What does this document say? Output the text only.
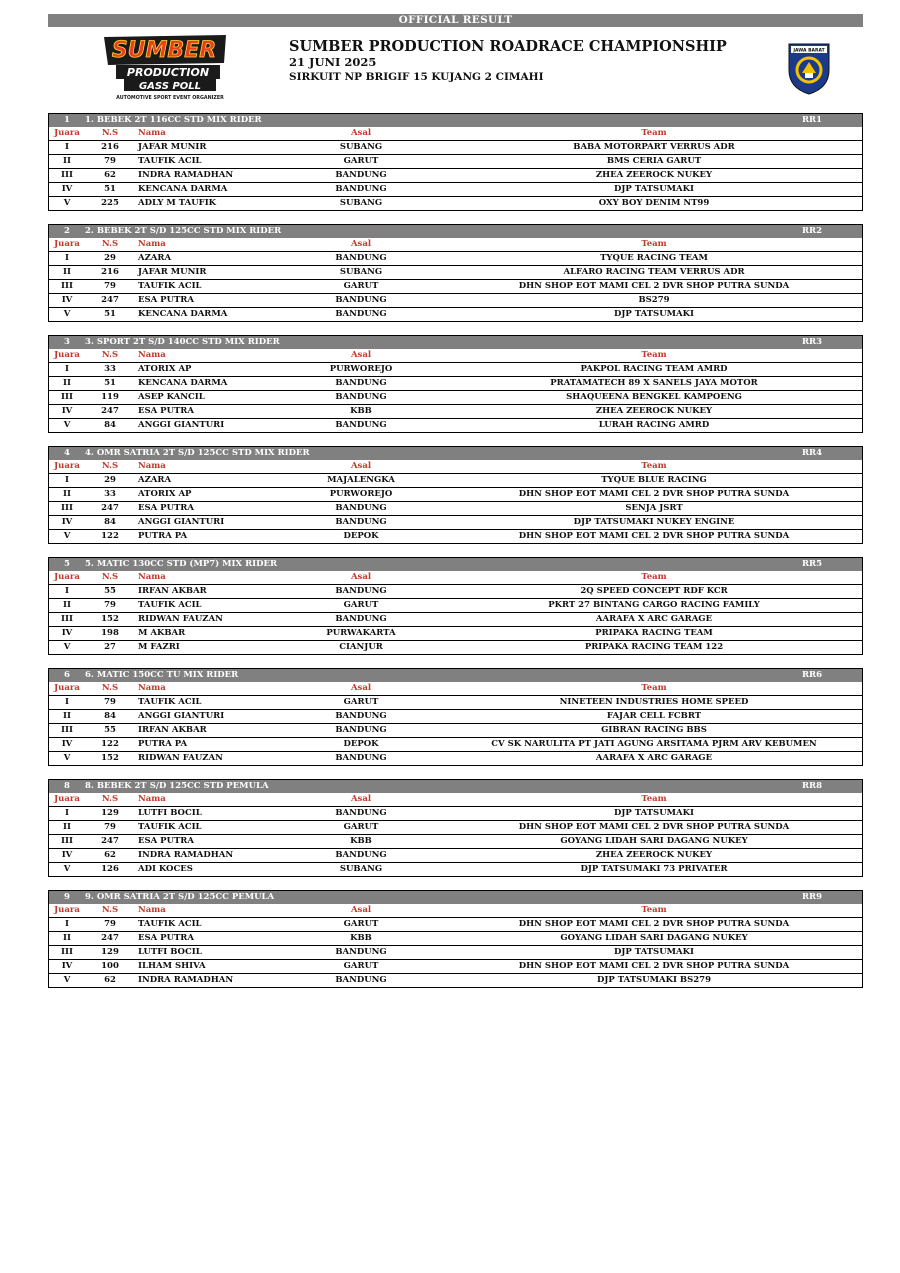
OFFICIAL RESULT
SUMBER
PRODUCTION
GASS POLL
AUTOMOTIVE SPORT EVENT ORGANIZER
SUMBER PRODUCTION ROADRACE CHAMPIONSHIP
21 JUNI 2025
SIRKUIT NP BRIGIF 15 KUJANG 2 CIMAHI
JAWA BARAT
1 1. BEBEK 2T 116CC STD MIX RIDER	RR1
Juara	N.S	Nama	Asal	Team
I	216	JAFAR MUNIR	SUBANG	BABA MOTORPART VERRUS ADR
II	79	TAUFIK ACIL	GARUT	BMS CERIA GARUT
III	62	INDRA RAMADHAN	BANDUNG	ZHEA ZEEROCK NUKEY
IV	51	KENCANA DARMA	BANDUNG	DJP TATSUMAKI
V	225	ADLY M TAUFIK	SUBANG	OXY BOY DENIM NT99
2 2. BEBEK 2T S/D 125CC STD MIX RIDER	RR2
Juara	N.S	Nama	Asal	Team
I	29	AZARA	BANDUNG	TYQUE RACING TEAM
II	216	JAFAR MUNIR	SUBANG	ALFARO RACING TEAM VERRUS ADR
III	79	TAUFIK ACIL	GARUT	DHN SHOP EOT MAMI CEL 2 DVR SHOP PUTRA SUNDA
IV	247	ESA PUTRA	BANDUNG	BS279
V	51	KENCANA DARMA	BANDUNG	DJP TATSUMAKI
3 3. SPORT 2T S/D 140CC STD MIX RIDER	RR3
Juara	N.S	Nama	Asal	Team
I	33	ATORIX AP	PURWOREJO	PAKPOL RACING TEAM AMRD
II	51	KENCANA DARMA	BANDUNG	PRATAMATECH 89 X SANELS JAYA MOTOR
III	119	ASEP KANCIL	BANDUNG	SHAQUEENA BENGKEL KAMPOENG
IV	247	ESA PUTRA	KBB	ZHEA ZEEROCK NUKEY
V	84	ANGGI GIANTURI	BANDUNG	LURAH RACING AMRD
4 4. OMR SATRIA 2T S/D 125CC STD MIX RIDER	RR4
Juara	N.S	Nama	Asal	Team
I	29	AZARA	MAJALENGKA	TYQUE BLUE RACING
II	33	ATORIX AP	PURWOREJO	DHN SHOP EOT MAMI CEL 2 DVR SHOP PUTRA SUNDA
III	247	ESA PUTRA	BANDUNG	SENJA JSRT
IV	84	ANGGI GIANTURI	BANDUNG	DJP TATSUMAKI NUKEY ENGINE
V	122	PUTRA PA	DEPOK	DHN SHOP EOT MAMI CEL 2 DVR SHOP PUTRA SUNDA
5 5. MATIC 130CC STD (MP7) MIX RIDER	RR5
Juara	N.S	Nama	Asal	Team
I	55	IRFAN AKBAR	BANDUNG	2Q SPEED CONCEPT RDF KCR
II	79	TAUFIK ACIL	GARUT	PKRT 27 BINTANG CARGO RACING FAMILY
III	152	RIDWAN FAUZAN	BANDUNG	AARAFA X ARC GARAGE
IV	198	M AKBAR	PURWAKARTA	PRIPAKA RACING TEAM
V	27	M FAZRI	CIANJUR	PRIPAKA RACING TEAM 122
6 6. MATIC 150CC TU MIX RIDER	RR6
Juara	N.S	Nama	Asal	Team
I	79	TAUFIK ACIL	GARUT	NINETEEN INDUSTRIES HOME SPEED
II	84	ANGGI GIANTURI	BANDUNG	FAJAR CELL FCBRT
III	55	IRFAN AKBAR	BANDUNG	GIBRAN RACING BBS
IV	122	PUTRA PA	DEPOK	CV SK NARULITA PT JATI AGUNG ARSITAMA PJRM ARV KEBUMEN
V	152	RIDWAN FAUZAN	BANDUNG	AARAFA X ARC GARAGE
8 8. BEBEK 2T S/D 125CC STD PEMULA	RR8
Juara	N.S	Nama	Asal	Team
I	129	LUTFI BOCIL	BANDUNG	DJP TATSUMAKI
II	79	TAUFIK ACIL	GARUT	DHN SHOP EOT MAMI CEL 2 DVR SHOP PUTRA SUNDA
III	247	ESA PUTRA	KBB	GOYANG LIDAH SARI DAGANG NUKEY
IV	62	INDRA RAMADHAN	BANDUNG	ZHEA ZEEROCK NUKEY
V	126	ADI KOCES	SUBANG	DJP TATSUMAKI 73 PRIVATER
9 9. OMR SATRIA 2T S/D 125CC PEMULA	RR9
Juara	N.S	Nama	Asal	Team
I	79	TAUFIK ACIL	GARUT	DHN SHOP EOT MAMI CEL 2 DVR SHOP PUTRA SUNDA
II	247	ESA PUTRA	KBB	GOYANG LIDAH SARI DAGANG NUKEY
III	129	LUTFI BOCIL	BANDUNG	DJP TATSUMAKI
IV	100	ILHAM SHIVA	GARUT	DHN SHOP EOT MAMI CEL 2 DVR SHOP PUTRA SUNDA
V	62	INDRA RAMADHAN	BANDUNG	DJP TATSUMAKI BS279
